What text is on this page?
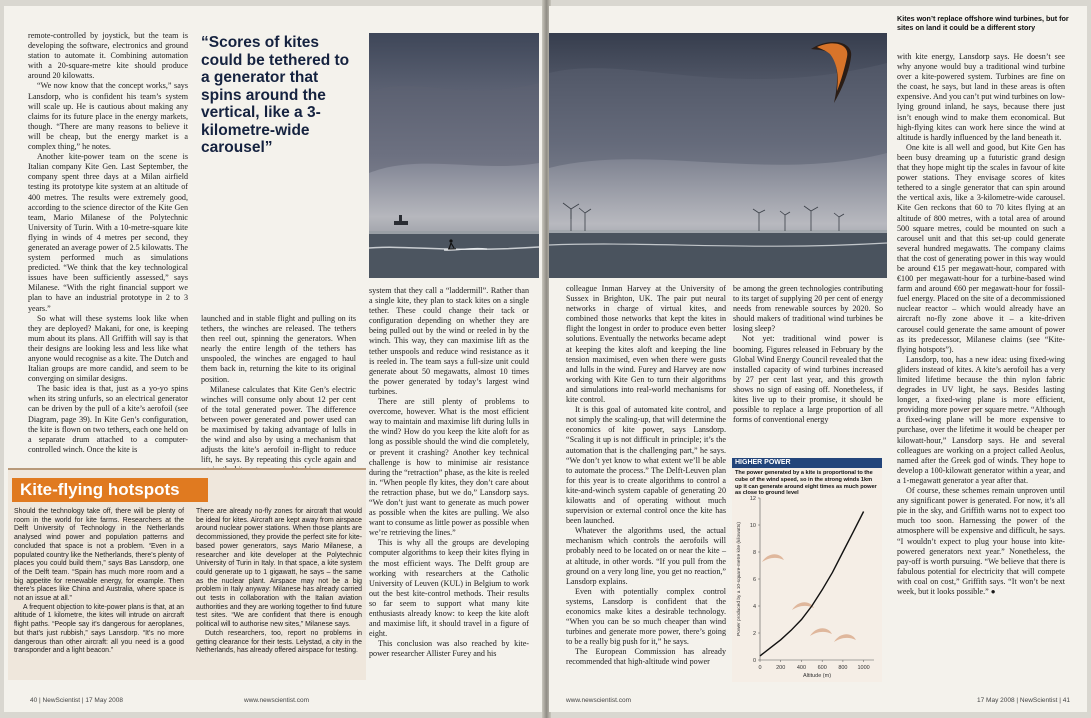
remote-controlled by joystick, but the team is developing the software, electronics and ground station to automate it. Combining automation with a 20-square-metre kite should produce around 20 kilowatts.

“We now know that the concept works,” says Lansdorp, who is confident his team’s system will scale up. He is cautious about making any claims for its future place in the energy markets, though. “There are many reasons to believe it will be cheap, but the energy market is a complex thing,” he notes.

Another kite-power team on the scene is Italian company Kite Gen. Last September, the company spent three days at a Milan airfield testing its prototype kite system at an altitude of 400 metres. The results were extremely good, according to the science director of the Kite Gen team, Mario Milanese of the Polytechnic University of Turin. With a 10-metre-square kite flying in winds of 4 metres per second, they generated an average power of 2.5 kilowatts. The system performed much as simulations predicted. “We think that the key technological issues have been sufficiently assessed,” says Milanese. “With the right financial support we plan to have an industrial prototype in 2 to 3 years.”

So what will these systems look like when they are deployed? Makani, for one, is keeping mum about its plans. All Griffith will say is that their designs are looking less and less like what anyone would recognise as a kite. The Dutch and Italian groups are more candid, and seem to be converging on similar designs.

The basic idea is that, just as a yo-yo spins when its string unfurls, so an electrical generator can be driven by the pull of a kite’s aerofoil (see Diagram, page 39). In Kite Gen’s configuration, the kite is flown on two tethers, each one held on a separate drum attached to a computer-controlled winch. Once the kite is

“Scores of kites could be tethered to a generator that spins around the vertical, like a 3-kilometre-wide carousel”

launched and in stable flight and pulling on its tethers, the winches are released. The tethers then reel out, spinning the generators. When nearly the entire length of the tethers has unspooled, the winches are engaged to haul them back in, returning the kite to its original position.

Milanese calculates that Kite Gen’s electric winches will consume only about 12 per cent of the total generated power. The difference between power generated and power used can be maximised by taking advantage of lulls in the wind and also by using a mechanism that adjusts the kite’s aerofoil in-flight to reduce lift, he says. By repeating this cycle again and

system that they call a “laddermill”. Rather than a single kite, they plan to stack kites on a single tether. These could change their tack or configuration depending on whether they are being pulled out by the wind or reeled in by the winch. This way, they can maximise lift as the tether unspools and reduce wind resistance as it is reeled in. The team says a full-size unit could generate about 50 megawatts, almost 10 times the power generated by today’s largest wind turbines.

There are still plenty of problems to overcome, however. What is the most efficient way to maintain and maximise lift during lulls in the wind? How do you keep the kite aloft for as long as possible should the wind die completely, or prevent it crashing? Another key technical challenge is how to minimise air resistance during the “retraction” phase, as the kite is reeled in. “When people fly kites, they don’t care about the retraction phase, but we do,” Lansdorp says. “We don’t just want to generate as much power as possible when the kites are pulling. We also want to consume as little power as possible when we’re retrieving the lines.”

This is why all the groups are developing computer algorithms to keep their kites flying in the most efficient ways. The Delft group are working with researchers at the Catholic University of Leuven (KUL) in Belgium to work out the best kite-control methods. Their results so far seem to support what many kite enthusiasts already know: to keep the kite aloft and maximise lift, it should travel in a figure of eight.

This conclusion was also reached by kite-power researcher Allister Furey and his

Kite-flying hotspots

Should the technology take off, there will be plenty of room in the world for kite farms. Researchers at the Delft University of Technology in the Netherlands analysed wind power and population patterns and concluded that space is not a problem. “Even in a populated country like the Netherlands, there’s plenty of places you could build them,” says Bas Lansdorp, one of the Delft team. “Spain has much more room and a big appetite for renewable energy, for example. Then there’s places like China and Australia, where space is not an issue at all.”

A frequent objection to kite-power plans is that, at an altitude of 1 kilometre, the kites will intrude on aircraft flight paths. “People say it’s dangerous for aeroplanes, but that’s just rubbish,” says Lansdorp. “It’s no more dangerous than other aircraft: all you need is a good transponder and a light beacon.”

There are already no-fly zones for aircraft that would be ideal for kites. Aircraft are kept away from airspace around nuclear power stations. When those plants are decommissioned, they provide the perfect site for kite-based power generators, says Mario Milanese, a researcher and kite developer at the Polytechnic University of Turin in Italy. In that space, a kite system could generate up to 1 gigawatt, he says – the same as the nuclear plant. Airspace may not be a big problem in Italy anyway: Milanese has already carried out tests in collaboration with the Italian aviation authorities and they are working together to find future test sites. “We are confident that there is enough political will to authorise new sites,” Milanese says.

Dutch researchers, too, report no problems in getting clearance for their tests. Lelystad, a city in the Netherlands, has already offered airspace for testing.

40 | NewScientist | 17 May 2008	www.newscientist.com
Kites won’t replace offshore wind turbines, but for sites on land it could be a different story

colleague Inman Harvey at the University of Sussex in Brighton, UK. The pair put neural networks in charge of virtual kites, and combined those networks that kept the kites in flight the longest in order to produce even better solutions. Eventually the networks became adept at keeping the kites aloft and keeping the line tension maximised, even when there were gusts and lulls in the wind. Furey and Harvey are now working with Kite Gen to turn their algorithms and simulations into real-world mechanisms for kite control.

It is this goal of automated kite control, and not simply the scaling-up, that will determine the economics of kite power, says Lansdorp. “Scaling it up is not difficult in principle; it’s the automation that is the challenging part,” he says. “We don’t yet know to what extent we’ll be able to automate the process.” The Delft-Leuven plan for this year is to create algorithms to control a kite-and-winch system capable of generating 20 kilowatts and of operating without much supervision or external control once the kite has been launched.

Whatever the algorithms used, the actual mechanism which controls the aerofoils will probably need to be located on or near the kite – at altitude, in other words. “If you pull from the ground on a very long line, you get no reaction,” Lansdorp explains.

Even with potentially complex control systems, Lansdorp is confident that the economics make kites a desirable technology. “When you can be so much cheaper than wind turbines and generate more power, there’s going to be a really big push for it,” he says.

The European Commission has already recommended that high-altitude wind power

be among the green technologies contributing to its target of supplying 20 per cent of energy needs from renewable sources by 2020. So should makers of traditional wind turbines be losing sleep?

Not yet: traditional wind power is booming. Figures released in February by the Global Wind Energy Council revealed that the installed capacity of wind turbines increased by 27 per cent last year, and this growth shows no sign of easing off. Nonetheless, if kites live up to their promise, it should be possible to replace a large proportion of all forms of conventional energy

with kite energy, Lansdorp says. He doesn’t see why anyone would buy a traditional wind turbine over a kite-powered system. Turbines are fine on the coast, he says, but land in these areas is often expensive. And you can’t put wind turbines on low-lying ground inland, he says, because there just isn’t enough wind to make them economical. But high-flying kites can work here since the wind at altitude is hardly influenced by the land beneath it.

One kite is all well and good, but Kite Gen has been busy dreaming up a futuristic grand design that they hope might tip the scales in favour of kite power stations. They envisage scores of kites tethered to a single generator that can spin around the vertical axis, like a 3-kilometre-wide carousel. Kite Gen reckons that 60 to 70 kites flying at an altitude of 800 metres, with a total area of around 500 square metres, could be mounted on such a carousel unit and that this set-up could generate several hundred megawatts. The company claims that the cost of generating power in this way would be around €15 per megawatt-hour, compared with €100 per megawatt-hour for a turbine-based wind farm and around €60 per megawatt-hour for fossil-fuel energy. Placed on the site of a decommissioned nuclear reactor – which would already have an aircraft no-fly zone above it – a kite-driven carousel could generate the same amount of power as its predecessor, Milanese claims (see “Kite-flying hotspots”).

Lansdorp, too, has a new idea: using fixed-wing gliders instead of kites. A kite’s aerofoil has a very limited lifetime because the thin nylon fabric degrades in UV light, he says. Besides lasting longer, a fixed-wing plane is more efficient, providing more power per square metre. “Although a fixed-wing plane will be more expensive to purchase, over the lifetime it would be cheaper per kilowatt-hour,” Lansdorp says. He and several colleagues are working on a project called Aeolus, named after the Greek god of winds. They hope to develop a 100-kilowatt generator within a year, and a 1-megawatt generator a year after that.

Of course, these schemes remain unproven until any significant power is generated. For now, it’s all pie in the sky, and Griffith warns not to expect too much too soon. Harnessing the power of the atmosphere will be expensive and difficult, he says. “I wouldn’t expect to plug your house into kite-powered generators next year.” Nonetheless, the pay-off is worth pursuing. “We believe that there is fabulous potential for electricity that will compete with coal on cost,” Griffith says. “It won’t be next week, but it looks possible.” ●

HIGHER POWER
The power generated by a kite is proportional to the cube of the wind speed, so in the strong winds 1km up it can generate around eight times as much power as close to ground level
0
2
4
6
8
10
12
0	200 400 600 800 1000
Altitude (m)
Power produced by a 10-square-metre kite (kilowatts)
www.newscientist.com	17 May 2008 | NewScientist | 41
